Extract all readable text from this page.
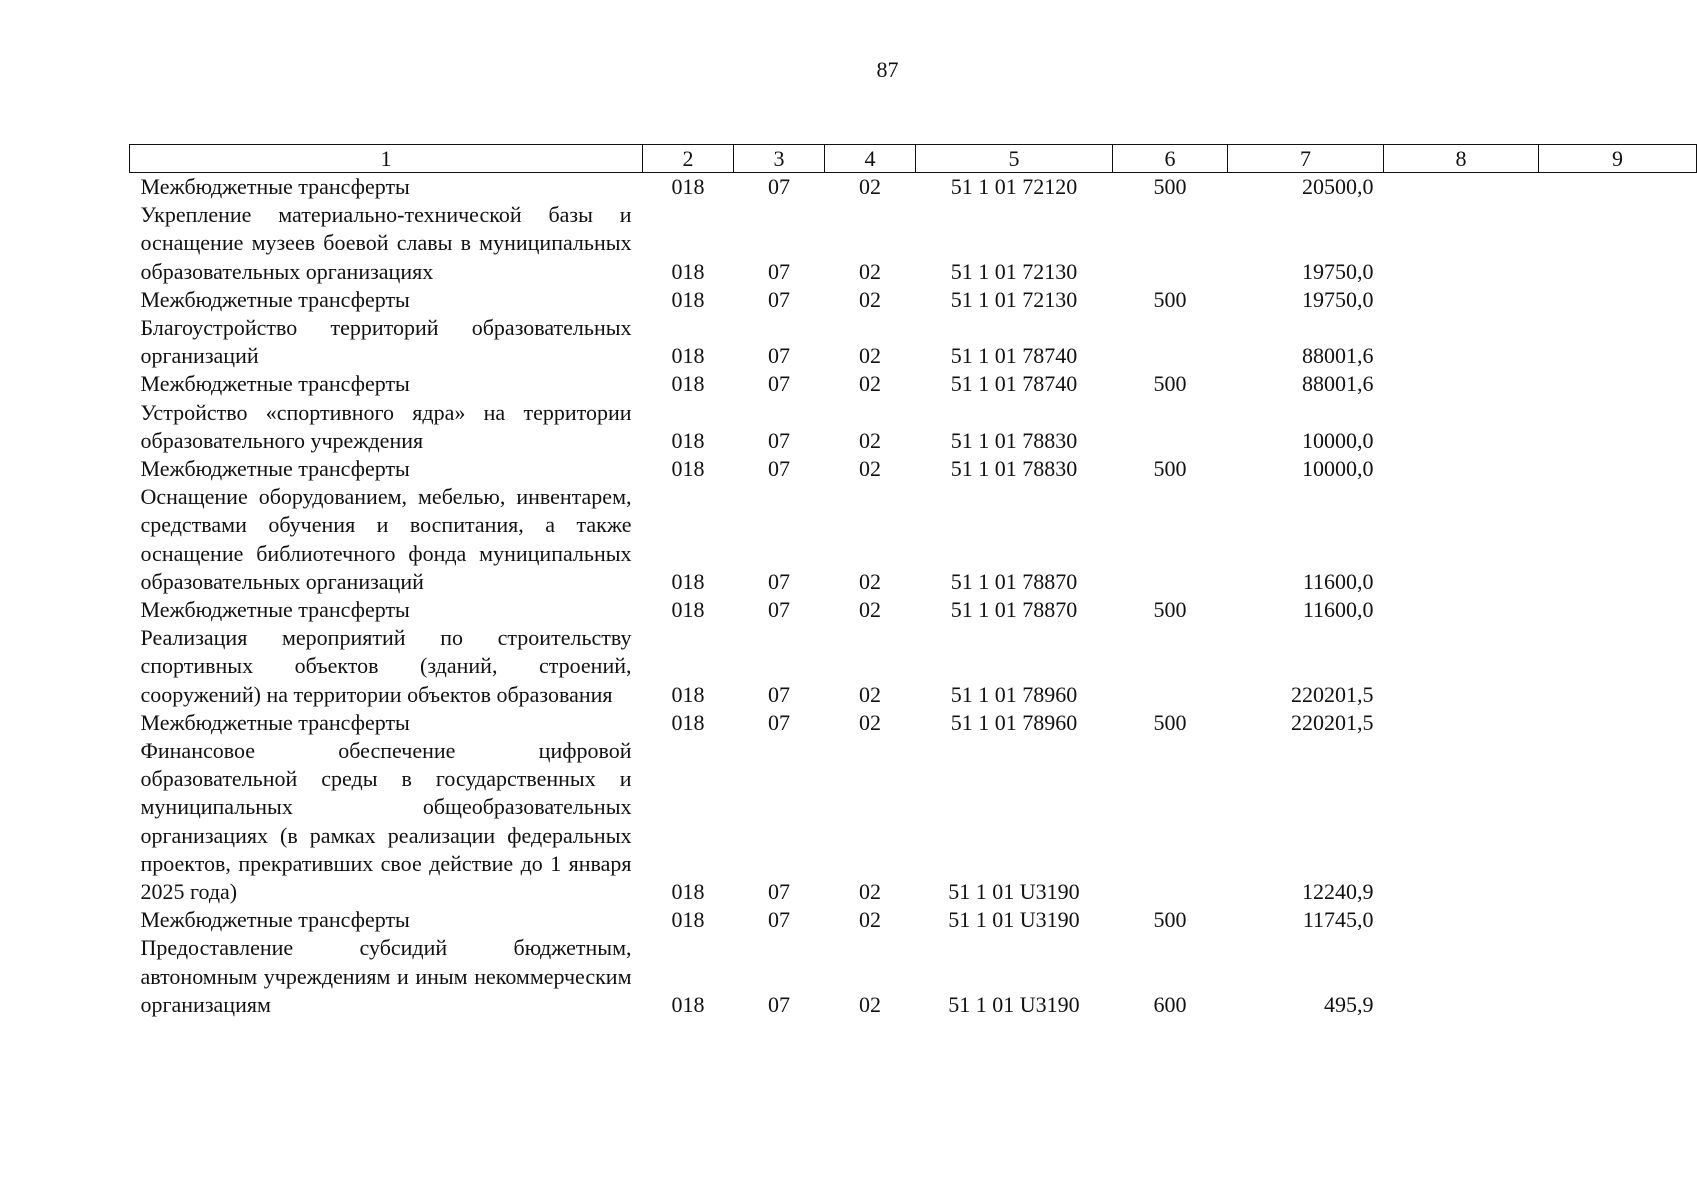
87
1	2	3	4	5	6	7	8	9
Межбюджетные трансферты	018	07	02	51 1 01 72120	500	20500,0		
Укрепление материально-технической базы и оснащение музеев боевой славы в муниципальных образовательных организациях	018	07	02	51 1 01 72130		19750,0		
Межбюджетные трансферты	018	07	02	51 1 01 72130	500	19750,0		
Благоустройство территорий образовательных организаций	018	07	02	51 1 01 78740		88001,6		
Межбюджетные трансферты	018	07	02	51 1 01 78740	500	88001,6		
Устройство «спортивного ядра» на территории образовательного учреждения	018	07	02	51 1 01 78830		10000,0		
Межбюджетные трансферты	018	07	02	51 1 01 78830	500	10000,0		
Оснащение оборудованием, мебелью, инвентарем, средствами обучения и воспитания, а также оснащение библиотечного фонда муниципальных образовательных организаций	018	07	02	51 1 01 78870		11600,0		
Межбюджетные трансферты	018	07	02	51 1 01 78870	500	11600,0		
Реализация мероприятий по строительству спортивных объектов (зданий, строений, сооружений) на территории объектов образования	018	07	02	51 1 01 78960		220201,5		
Межбюджетные трансферты	018	07	02	51 1 01 78960	500	220201,5		
Финансовое обеспечение цифровой образовательной среды в государственных и муниципальных общеобразовательных организациях (в рамках реализации федеральных проектов, прекративших свое действие до 1 января 2025 года)	018	07	02	51 1 01 U3190		12240,9		
Межбюджетные трансферты	018	07	02	51 1 01 U3190	500	11745,0		
Предоставление субсидий бюджетным, автономным учреждениям и иным некоммерческим организациям	018	07	02	51 1 01 U3190	600	495,9		
